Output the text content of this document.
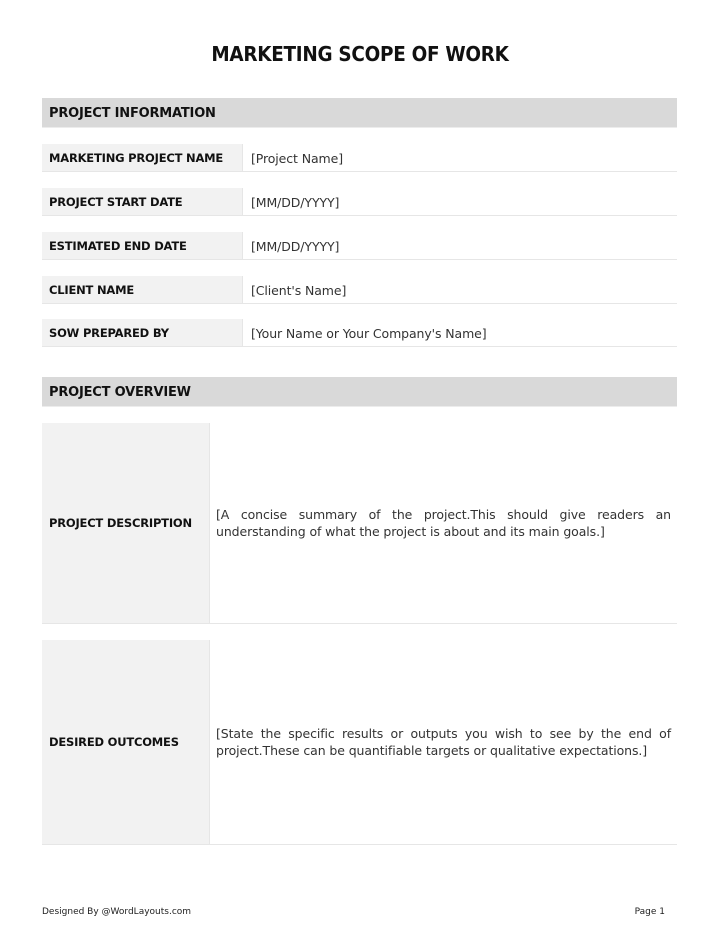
MARKETING SCOPE OF WORK
PROJECT INFORMATION
MARKETING PROJECT NAME [Project Name]
PROJECT START DATE	[MM/DD/YYYY]
ESTIMATED END DATE	[MM/DD/YYYY]
CLIENT NAME	[Client's Name]
SOW PREPARED BY	[Your Name or Your Company's Name]
PROJECT OVERVIEW
PROJECT DESCRIPTION
[A concise summary of the project.This should give readers an understanding of what the project is about and its main goals.]
DESIRED OUTCOMES
[State the specific results or outputs you wish to see by the end of project.These can be quantifiable targets or qualitative expectations.]
Designed By @WordLayouts.com	Page 1
